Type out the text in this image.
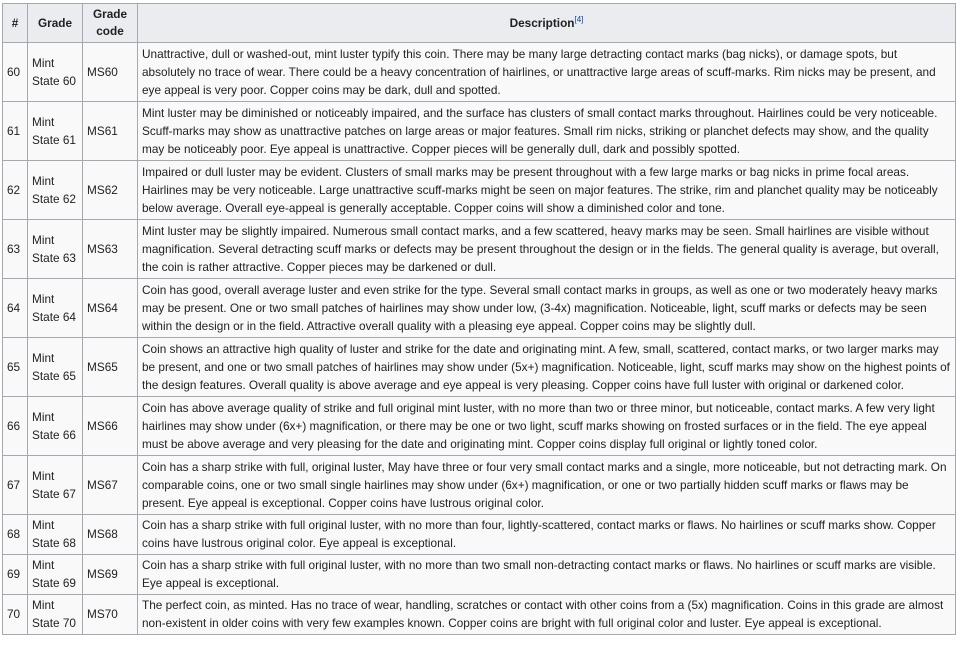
#	Grade	Grade code	Description[4]
60	Mint State 60	MS60	Unattractive, dull or washed-out, mint luster typify this coin. There may be many large detracting contact marks (bag nicks), or damage spots, but absolutely no trace of wear. There could be a heavy concentration of hairlines, or unattractive large areas of scuff-marks. Rim nicks may be present, and eye appeal is very poor. Copper coins may be dark, dull and spotted.
61	Mint State 61	MS61	Mint luster may be diminished or noticeably impaired, and the surface has clusters of small contact marks throughout. Hairlines could be very noticeable. Scuff-marks may show as unattractive patches on large areas or major features. Small rim nicks, striking or planchet defects may show, and the quality may be noticeably poor. Eye appeal is unattractive. Copper pieces will be generally dull, dark and possibly spotted.
62	Mint State 62	MS62	Impaired or dull luster may be evident. Clusters of small marks may be present throughout with a few large marks or bag nicks in prime focal areas. Hairlines may be very noticeable. Large unattractive scuff-marks might be seen on major features. The strike, rim and planchet quality may be noticeably below average. Overall eye-appeal is generally acceptable. Copper coins will show a diminished color and tone.
63	Mint State 63	MS63	Mint luster may be slightly impaired. Numerous small contact marks, and a few scattered, heavy marks may be seen. Small hairlines are visible without magnification. Several detracting scuff marks or defects may be present throughout the design or in the fields. The general quality is average, but overall, the coin is rather attractive. Copper pieces may be darkened or dull.
64	Mint State 64	MS64	Coin has good, overall average luster and even strike for the type. Several small contact marks in groups, as well as one or two moderately heavy marks may be present. One or two small patches of hairlines may show under low, (3-4x) magnification. Noticeable, light, scuff marks or defects may be seen within the design or in the field. Attractive overall quality with a pleasing eye appeal. Copper coins may be slightly dull.
65	Mint State 65	MS65	Coin shows an attractive high quality of luster and strike for the date and originating mint. A few, small, scattered, contact marks, or two larger marks may be present, and one or two small patches of hairlines may show under (5x+) magnification. Noticeable, light, scuff marks may show on the highest points of the design features. Overall quality is above average and eye appeal is very pleasing. Copper coins have full luster with original or darkened color.
66	Mint State 66	MS66	Coin has above average quality of strike and full original mint luster, with no more than two or three minor, but noticeable, contact marks. A few very light hairlines may show under (6x+) magnification, or there may be one or two light, scuff marks showing on frosted surfaces or in the field. The eye appeal must be above average and very pleasing for the date and originating mint. Copper coins display full original or lightly toned color.
67	Mint State 67	MS67	Coin has a sharp strike with full, original luster, May have three or four very small contact marks and a single, more noticeable, but not detracting mark. On comparable coins, one or two small single hairlines may show under (6x+) magnification, or one or two partially hidden scuff marks or flaws may be present. Eye appeal is exceptional. Copper coins have lustrous original color.
68	Mint State 68	MS68	Coin has a sharp strike with full original luster, with no more than four, lightly-scattered, contact marks or flaws. No hairlines or scuff marks show. Copper coins have lustrous original color. Eye appeal is exceptional.
69	Mint State 69	MS69	Coin has a sharp strike with full original luster, with no more than two small non-detracting contact marks or flaws. No hairlines or scuff marks are visible. Eye appeal is exceptional.
70	Mint State 70	MS70	The perfect coin, as minted. Has no trace of wear, handling, scratches or contact with other coins from a (5x) magnification. Coins in this grade are almost non-existent in older coins with very few examples known. Copper coins are bright with full original color and luster. Eye appeal is exceptional.
